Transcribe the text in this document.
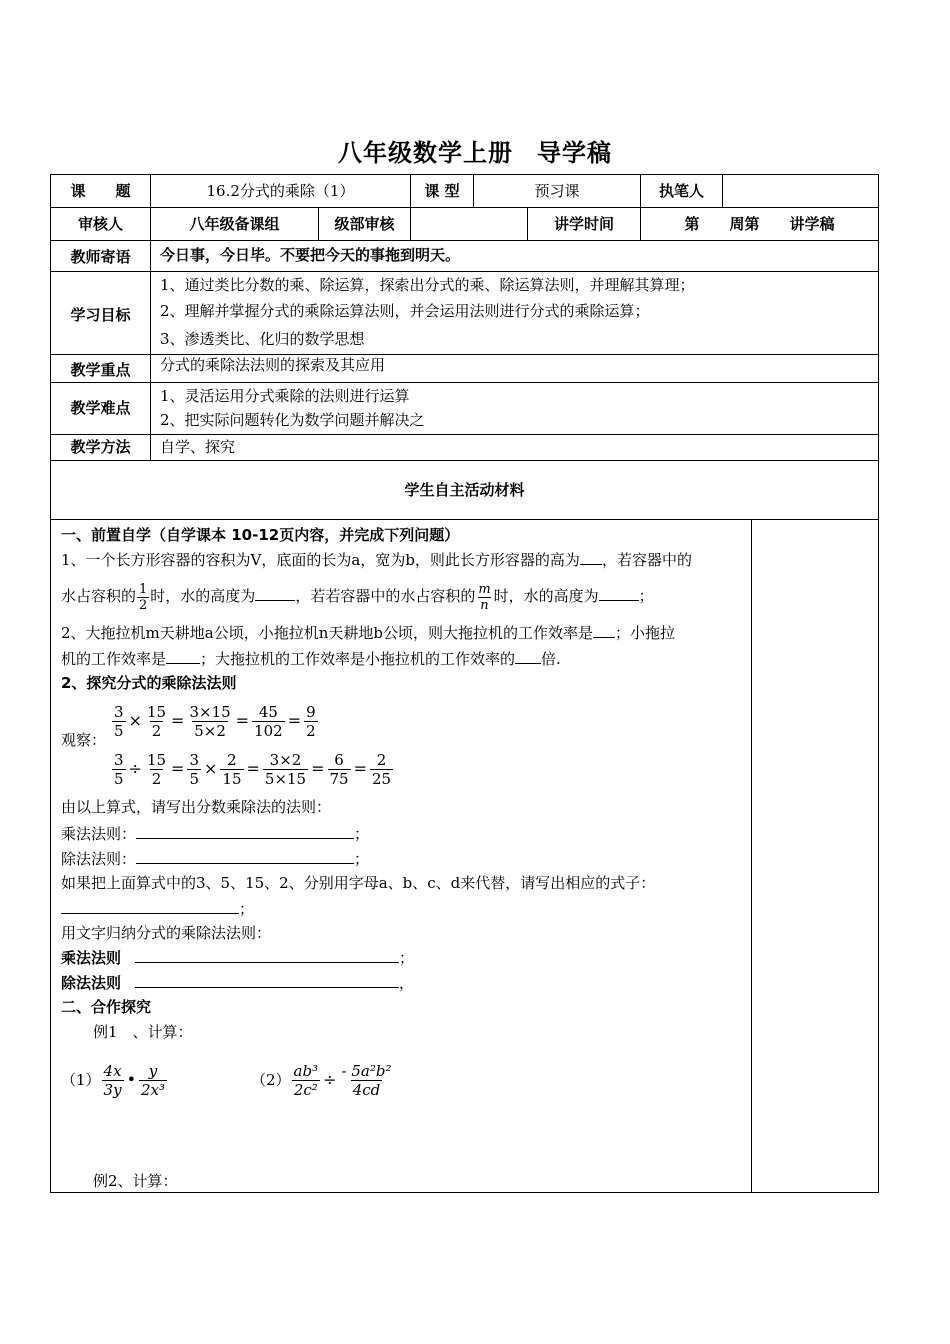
八年级数学上册 导学稿
课　　题	16.2分式的乘除（1）	课 型	预习课	执笔人
审核人	八年级备课组	级部审核	讲学时间	第　　周第　　讲学稿
教师寄语	今日事，今日毕。不要把今天的事拖到明天。
学习目标
1、通过类比分数的乘、除运算，探索出分式的乘、除运算法则，并理解其算理；
2、理解并掌握分式的乘除运算法则，并会运用法则进行分式的乘除运算；
3、渗透类比、化归的数学思想
教学重点	分式的乘除法法则的探索及其应用
教学难点
1、灵活运用分式乘除的法则进行运算
2、把实际问题转化为数学问题并解决之
教学方法	自学、探究
学生自主活动材料
一、前置自学（自学课本 10-12页内容，并完成下列问题）
1、一个长方形容器的容积为V，底面的长为a，宽为b，则此长方形容器的高为 ，若容器中的
水占容积的 $\frac{1}{2}$ 时，水的高度为	，若若容器中的水占容积的 $\frac{m}{n}$ 时，水的高度为	；
2、大拖拉机m天耕地a公顷，小拖拉机n天耕地b公顷，则大拖拉机的工作效率是 ；小拖拉
机的工作效率是 ；大拖拉机的工作效率是小拖拉机的工作效率的 倍.
2、探究分式的乘除法法则
观察：
$\frac{3}{5} \times \frac{15}{2} = \frac{3\times 15}{5\times 2} = \frac{45}{102} = \frac{9}{2}$
$\frac{3}{5} \div \frac{15}{2} = \frac{3}{5} \times \frac{2}{15} = \frac{3\times 2}{5\times 15} = \frac{6}{75} = \frac{2}{25}$
由以上算式，请写出分数乘除法的法则：
乘法法则：	；
除法法则：	；
如果把上面算式中的3、5、15、2、分别用字母a、b、c、d来代替，请写出相应的式子：
；
用文字归纳分式的乘除法法则：
乘法法则	；
除法法则	，
二、合作探究
例1　、计算：
$(1) \frac{4x}{3y}$ • $\frac{y}{\text{2x³}}$	$(2) \frac{\text{ab³}}{\text{2c²}} \div \frac{\text{- 5a²b²}}{4cd}$
例2、计算：
